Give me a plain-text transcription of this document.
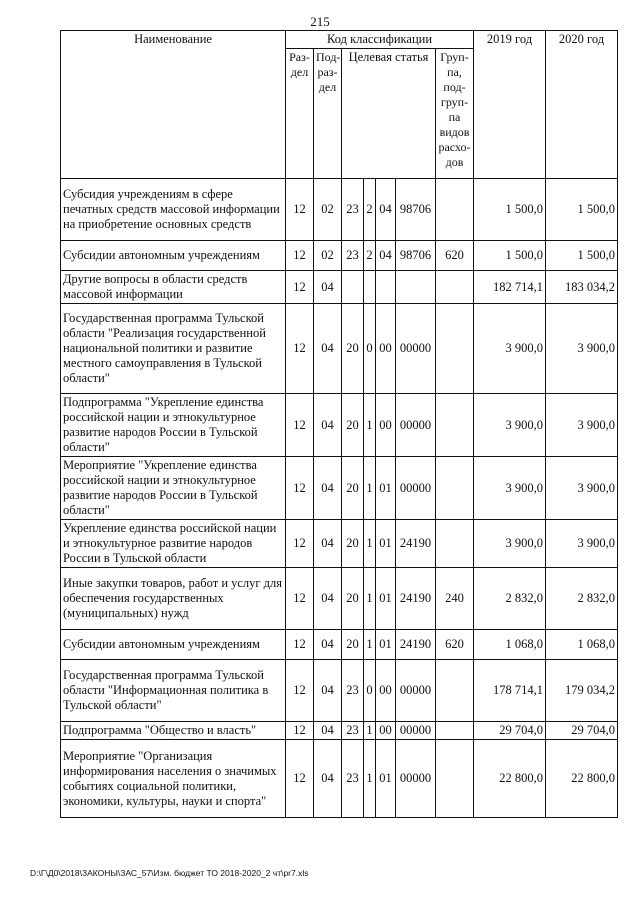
215
Наименование	Код классификации							2019 год	2020 год
	Раз-дел	Под-раз-дел	Целевая статья				Груп-па, под-груп-па видов расхо-дов		
Субсидия учреждениям в сфере печатных средств массовой информации на приобретение основных средств	12	02	23	2	04	98706		1 500,0	1 500,0
Субсидии автономным учреждениям	12	02	23	2	04	98706	620	1 500,0	1 500,0
Другие вопросы в области средств массовой информации	12	04						182 714,1	183 034,2
Государственная программа Тульской области "Реализация государственной национальной политики и развитие местного самоуправления в Тульской области"	12	04	20	0	00	00000		3 900,0	3 900,0
Подпрограмма "Укрепление единства российской нации и этнокультурное развитие народов России в Тульской области"	12	04	20	1	00	00000		3 900,0	3 900,0
Мероприятие "Укрепление единства российской нации и этнокультурное развитие народов России в Тульской области"	12	04	20	1	01	00000		3 900,0	3 900,0
Укрепление единства российской нации и этнокультурное развитие народов России в Тульской области	12	04	20	1	01	24190		3 900,0	3 900,0
Иные закупки товаров, работ и услуг для обеспечения государственных (муниципальных) нужд	12	04	20	1	01	24190	240	2 832,0	2 832,0
Субсидии автономным учреждениям	12	04	20	1	01	24190	620	1 068,0	1 068,0
Государственная программа Тульской области "Информационная политика в Тульской области"	12	04	23	0	00	00000		178 714,1	179 034,2
Подпрограмма "Общество и власть"	12	04	23	1	00	00000		29 704,0	29 704,0
Мероприятие "Организация информирования населения о значимых событиях социальной политики, экономики, культуры, науки и спорта"	12	04	23	1	01	00000		22 800,0	22 800,0
D:\Г\Д0\2018\ЗАКОНЫ\ЗАС_57\Изм. бюджет ТО 2018-2020_2 чт\pr7.xls
